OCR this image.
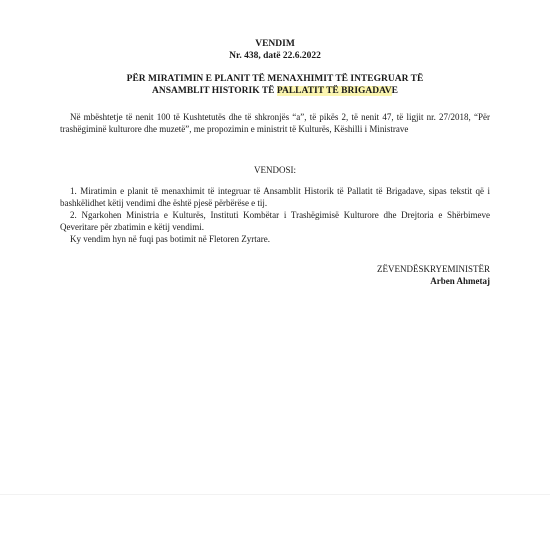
VENDIM
Nr. 438, datë 22.6.2022
PËR MIRATIMIN E PLANIT TË MENAXHIMIT TË INTEGRUAR TË
ANSAMBLIT HISTORIK TË PALLATIT TË BRIGADAVE
Në mbështetje të nenit 100 të Kushtetutës dhe të shkronjës “a”, të pikës 2, të nenit 47, të ligjit nr. 27/2018, “Për trashëgiminë kulturore dhe muzetë”, me propozimin e ministrit të Kulturës, Këshilli i Ministrave
VENDOSI:
1. Miratimin e planit të menaxhimit të integruar të Ansamblit Historik të Pallatit të Brigadave, sipas tekstit që i bashkëlidhet këtij vendimi dhe është pjesë përbërëse e tij.
2. Ngarkohen Ministria e Kulturës, Instituti Kombëtar i Trashëgimisë Kulturore dhe Drejtoria e Shërbimeve Qeveritare për zbatimin e këtij vendimi.
Ky vendim hyn në fuqi pas botimit në Fletoren Zyrtare.
ZËVENDËSKRYEMINISTËR
Arben Ahmetaj
